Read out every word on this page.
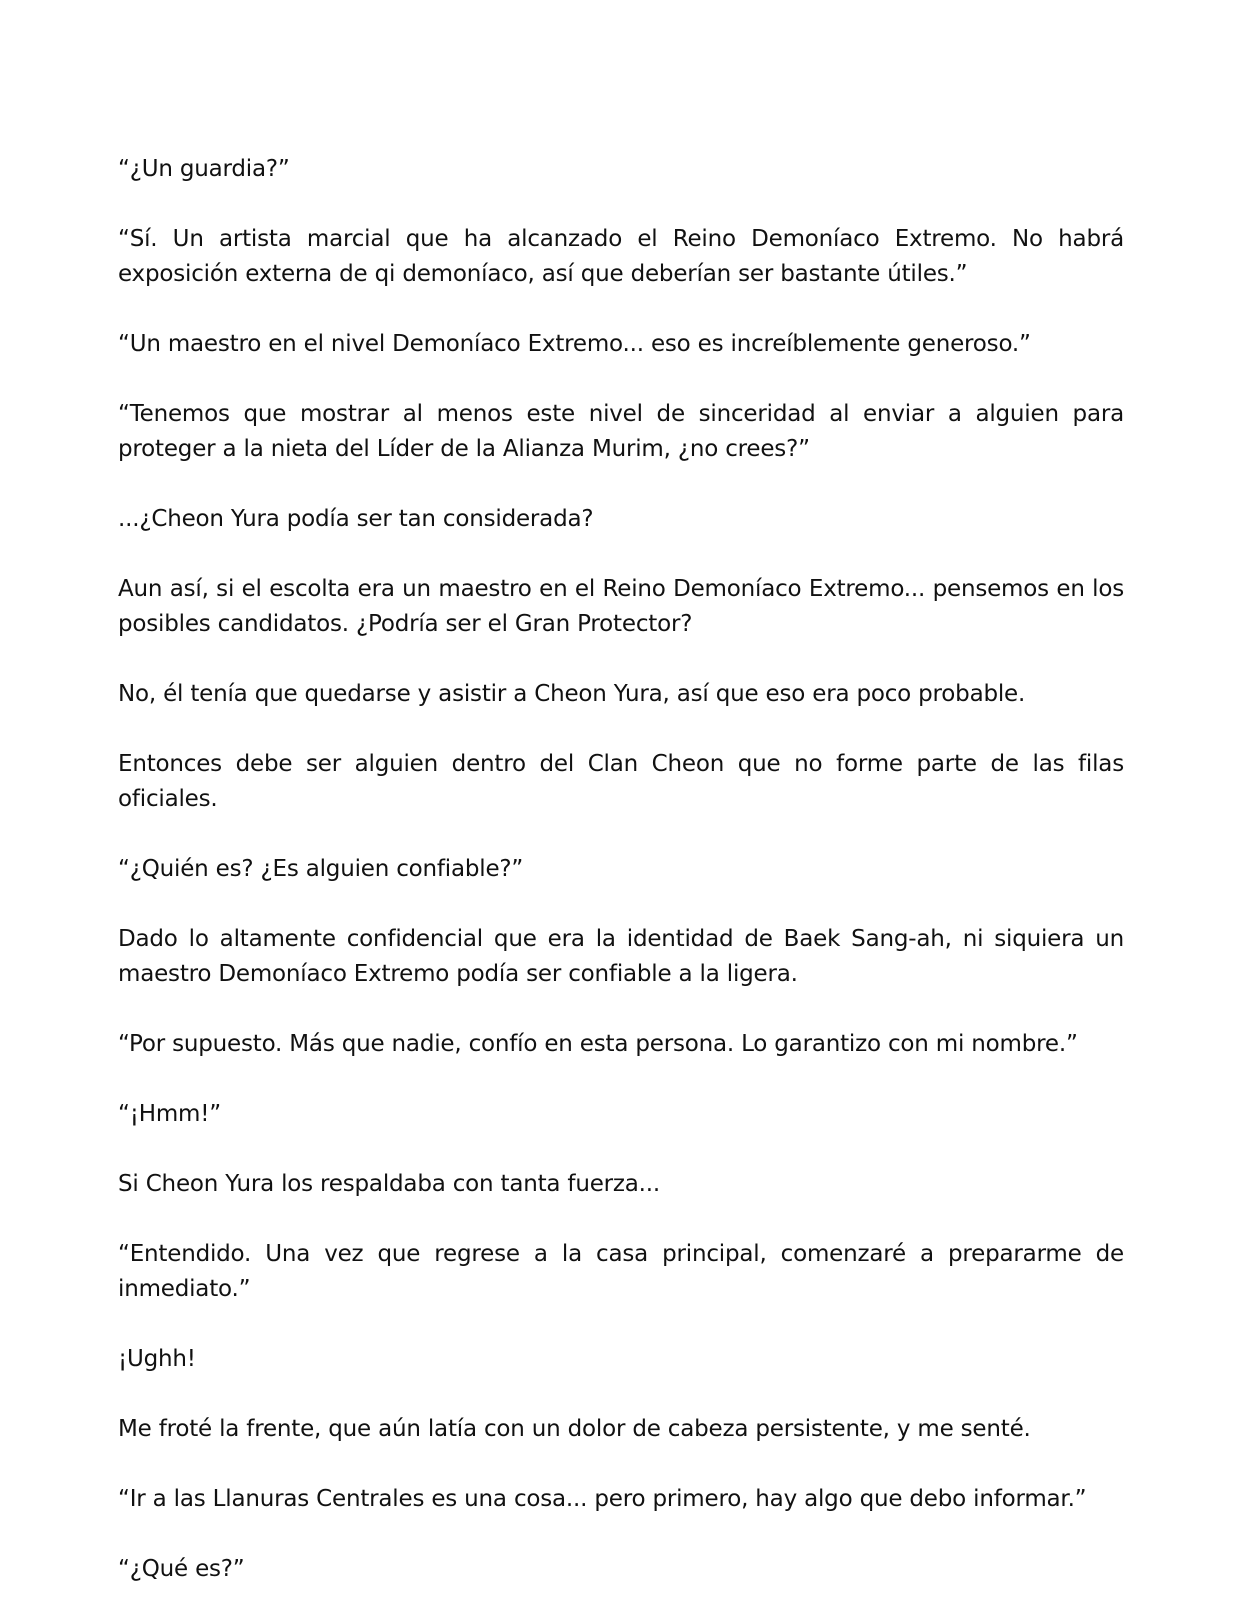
“¿Un guardia?”

“Sí. Un artista marcial que ha alcanzado el Reino Demoníaco Extremo. No habrá exposición externa de qi demoníaco, así que deberían ser bastante útiles.”

“Un maestro en el nivel Demoníaco Extremo... eso es increíblemente generoso.”

“Tenemos que mostrar al menos este nivel de sinceridad al enviar a alguien para proteger a la nieta del Líder de la Alianza Murim, ¿no crees?”

...¿Cheon Yura podía ser tan considerada?

Aun así, si el escolta era un maestro en el Reino Demoníaco Extremo... pensemos en los posibles candidatos. ¿Podría ser el Gran Protector?

No, él tenía que quedarse y asistir a Cheon Yura, así que eso era poco probable.

Entonces debe ser alguien dentro del Clan Cheon que no forme parte de las filas oficiales.

“¿Quién es? ¿Es alguien confiable?”

Dado lo altamente confidencial que era la identidad de Baek Sang-ah, ni siquiera un maestro Demoníaco Extremo podía ser confiable a la ligera.

“Por supuesto. Más que nadie, confío en esta persona. Lo garantizo con mi nombre.”

“¡Hmm!”

Si Cheon Yura los respaldaba con tanta fuerza...

“Entendido. Una vez que regrese a la casa principal, comenzaré a prepararme de inmediato.”

¡Ughh!

Me froté la frente, que aún latía con un dolor de cabeza persistente, y me senté.

“Ir a las Llanuras Centrales es una cosa... pero primero, hay algo que debo informar.”

“¿Qué es?”
